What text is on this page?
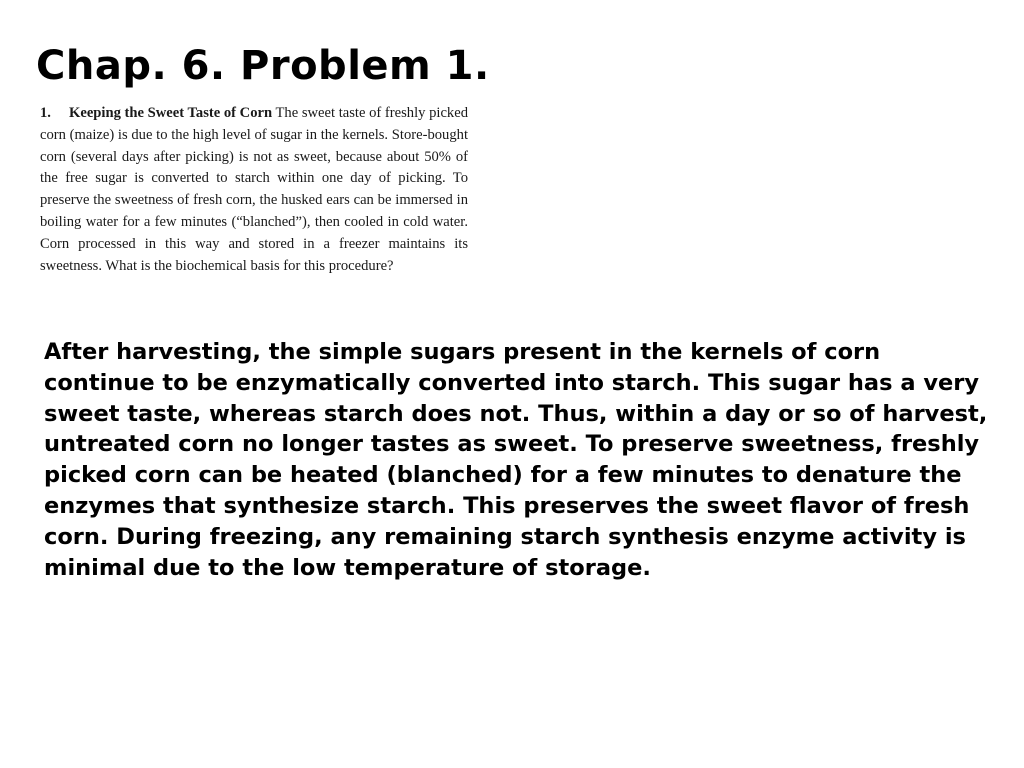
Chap. 6. Problem 1.

1. Keeping the Sweet Taste of Corn The sweet taste of freshly picked corn (maize) is due to the high level of sugar in the kernels. Store-bought corn (several days after picking) is not as sweet, because about 50% of the free sugar is converted to starch within one day of picking. To preserve the sweetness of fresh corn, the husked ears can be immersed in boiling water for a few minutes (“blanched”), then cooled in cold water. Corn processed in this way and stored in a freezer maintains its sweetness. What is the biochemical basis for this procedure?

After harvesting, the simple sugars present in the kernels of corn continue to be enzymatically converted into starch. This sugar has a very sweet taste, whereas starch does not. Thus, within a day or so of harvest, untreated corn no longer tastes as sweet. To preserve sweetness, freshly picked corn can be heated (blanched) for a few minutes to denature the enzymes that synthesize starch. This preserves the sweet flavor of fresh corn. During freezing, any remaining starch synthesis enzyme activity is minimal due to the low temperature of storage.
